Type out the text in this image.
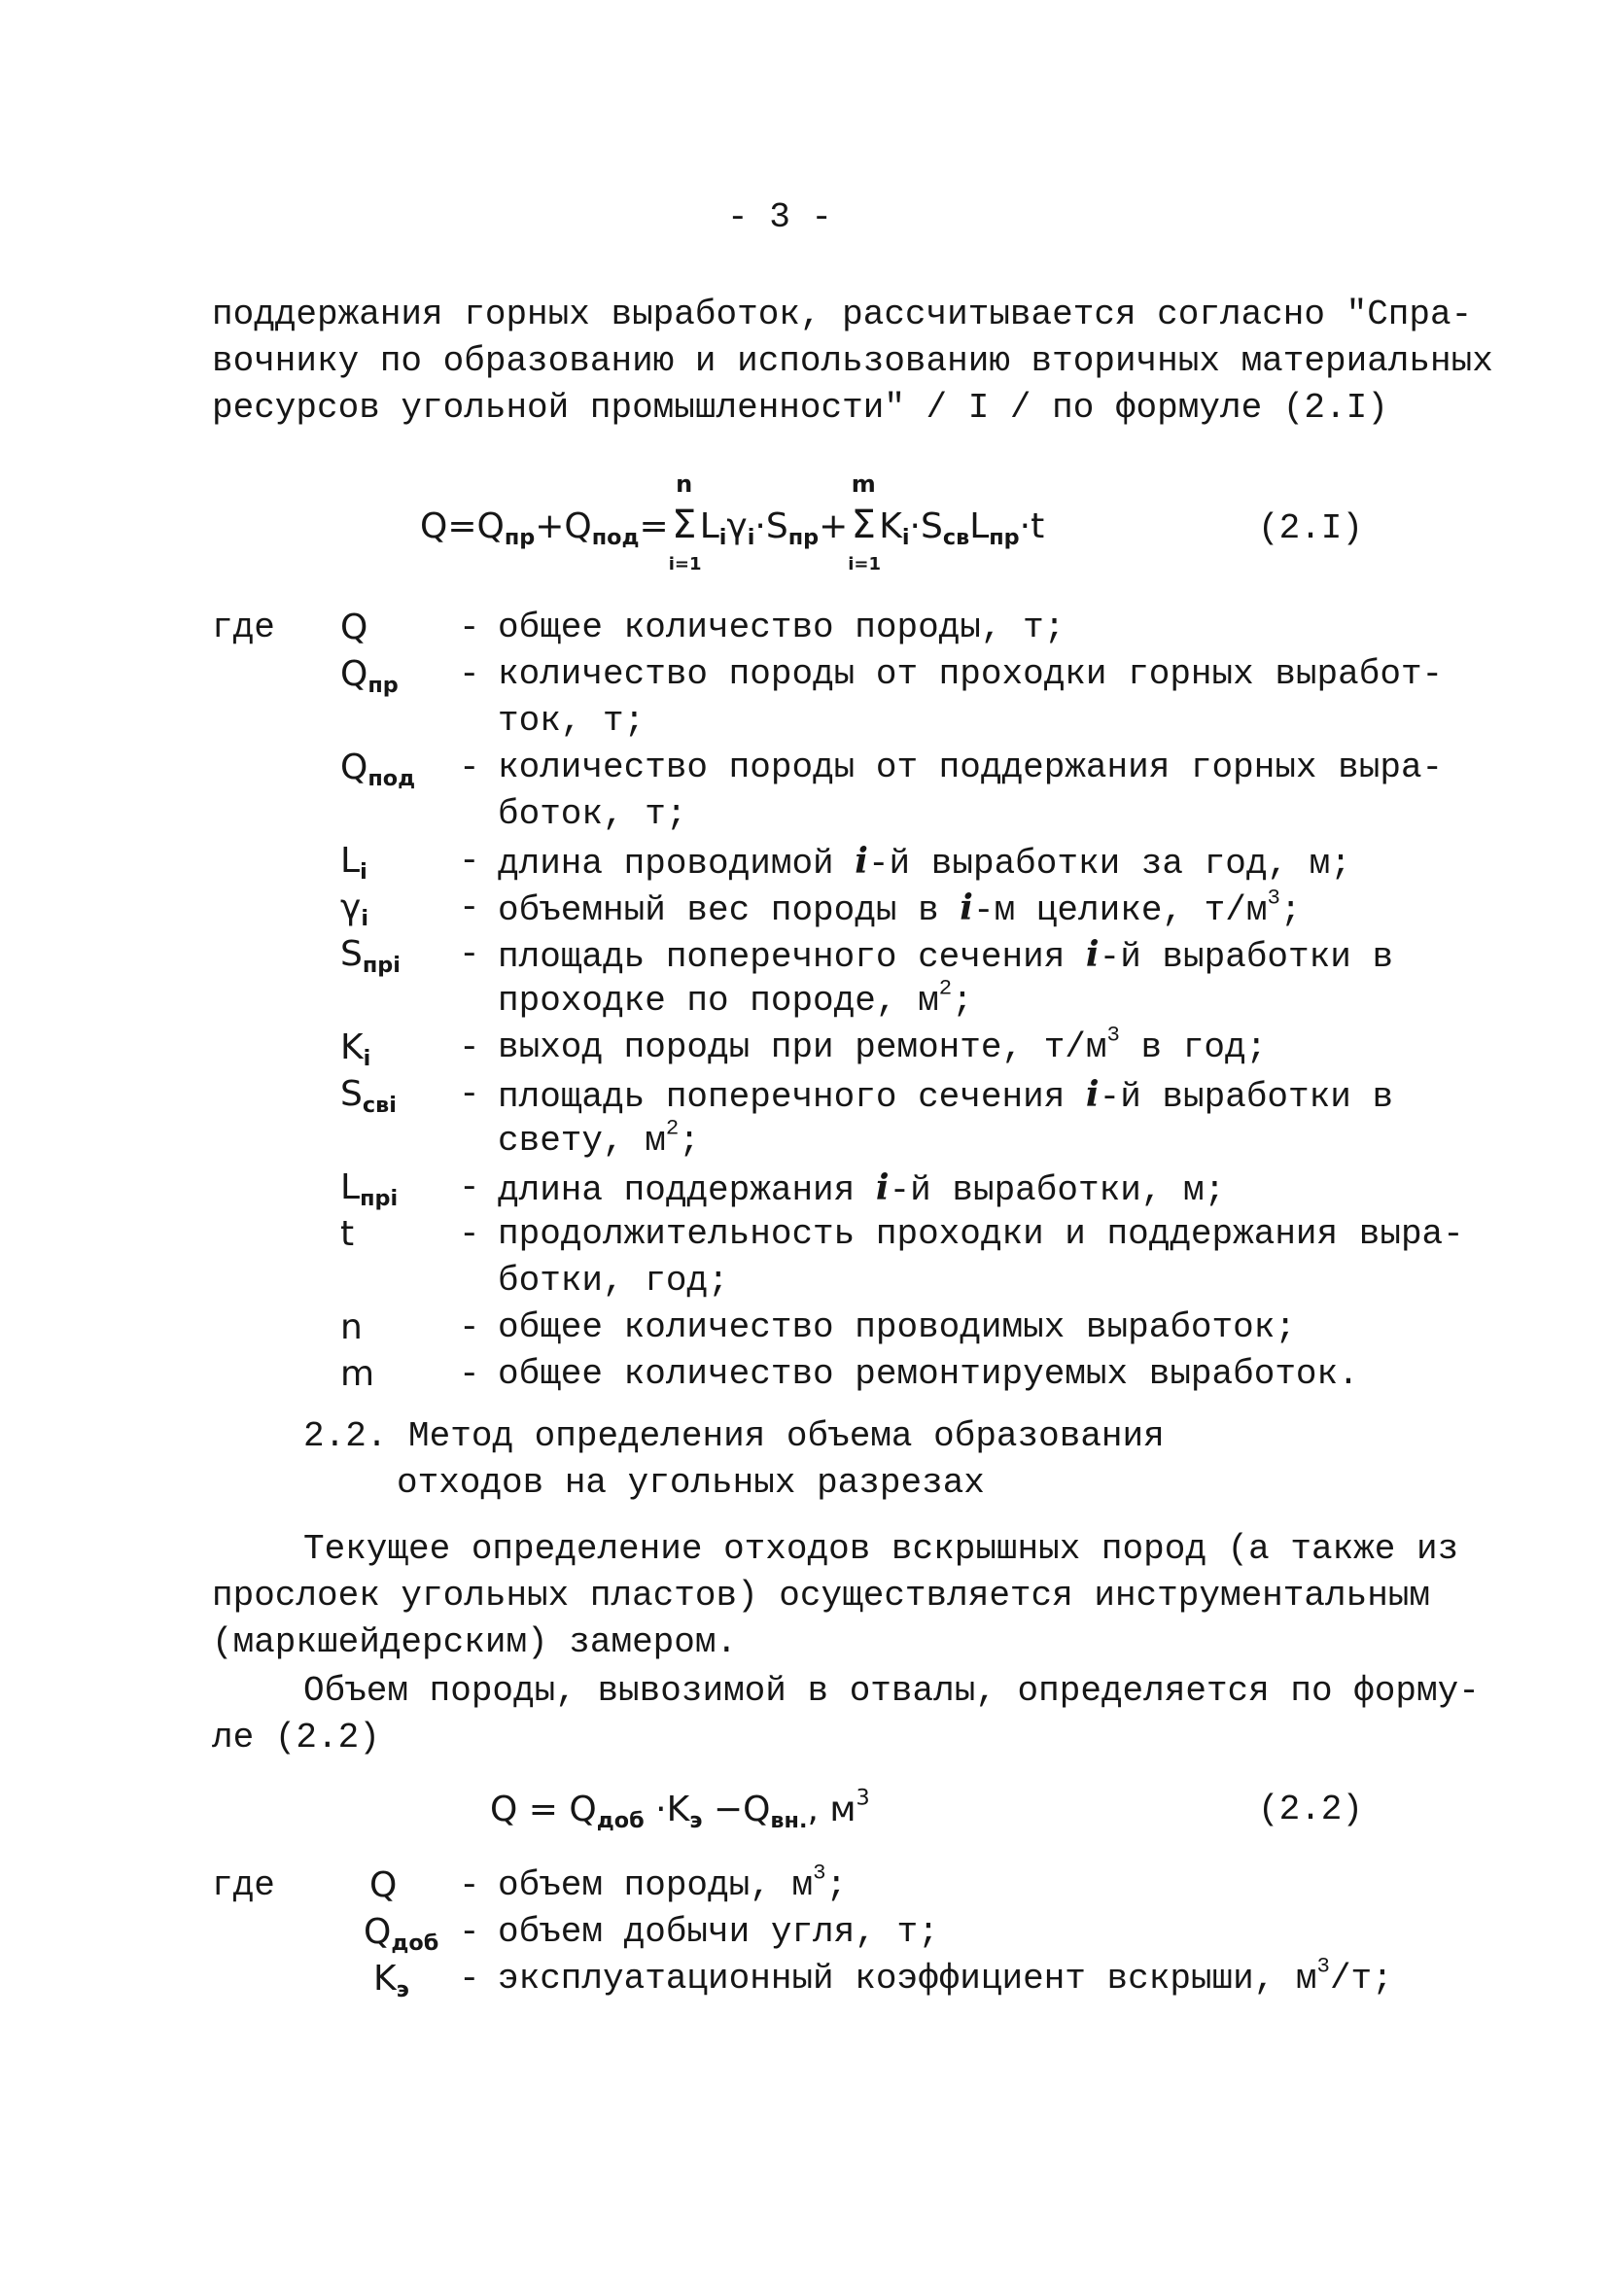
- 3 -
поддержания горных выработок, рассчитывается согласно "Спра-
вочнику по образованию и использованию вторичных материальных
ресурсов угольной промышленности" / I / по формуле (2.I)
$Q=Q_{пр}+Q_{под}=$
n
Σ
i=1
$L_i\gamma_i\cdot S_{пр}+$
m
Σ
i=1
$K_i\cdot S_{св}L_{пр}\cdot t$	(2.I)
где Q	- общее количество породы, т;
$Q_{пр}$	- количество породы от проходки горных выработ-
ток, т;
$Q_{под}$	- количество породы от поддержания горных выра-
боток, т;
$L_i$	- длина проводимой i-й выработки за год, м;
$\gamma_i$	- объемный вес породы в i-м целике, $т/м^3$;
$S_{прi}$	- площадь поперечного сечения i-й выработки в
проходке по породе, $м^2$;
$K_i$	- выход породы при ремонте, $т/м^3$ в год;
$S_{свi}$	- площадь поперечного сечения i-й выработки в
свету, $м^2$;
$L_{прi}$	- длина поддержания i-й выработки, м;
t	- продолжительность проходки и поддержания выра-
ботки, год;
n	- общее количество проводимых выработок;
m	- общее количество ремонтируемых выработок.
2.2. Метод определения объема образования
отходов на угольных разрезах
Текущее определение отходов вскрышных пород (а также из
прослоек угольных пластов) осуществляется инструментальным
(маркшейдерским) замером.
Объем породы, вывозимой в отвалы, определяется по форму-
ле (2.2)
$Q = Q_{доб} \cdot K_э -Q_{вн.}$, $м^3$	(2.2)
где	Q	- объем породы, $м^3$;
$Q_{доб}$ - объем добычи угля, т;
$K_э$	- эксплуатационный коэффициент вскрыши, $м^3/т$;
